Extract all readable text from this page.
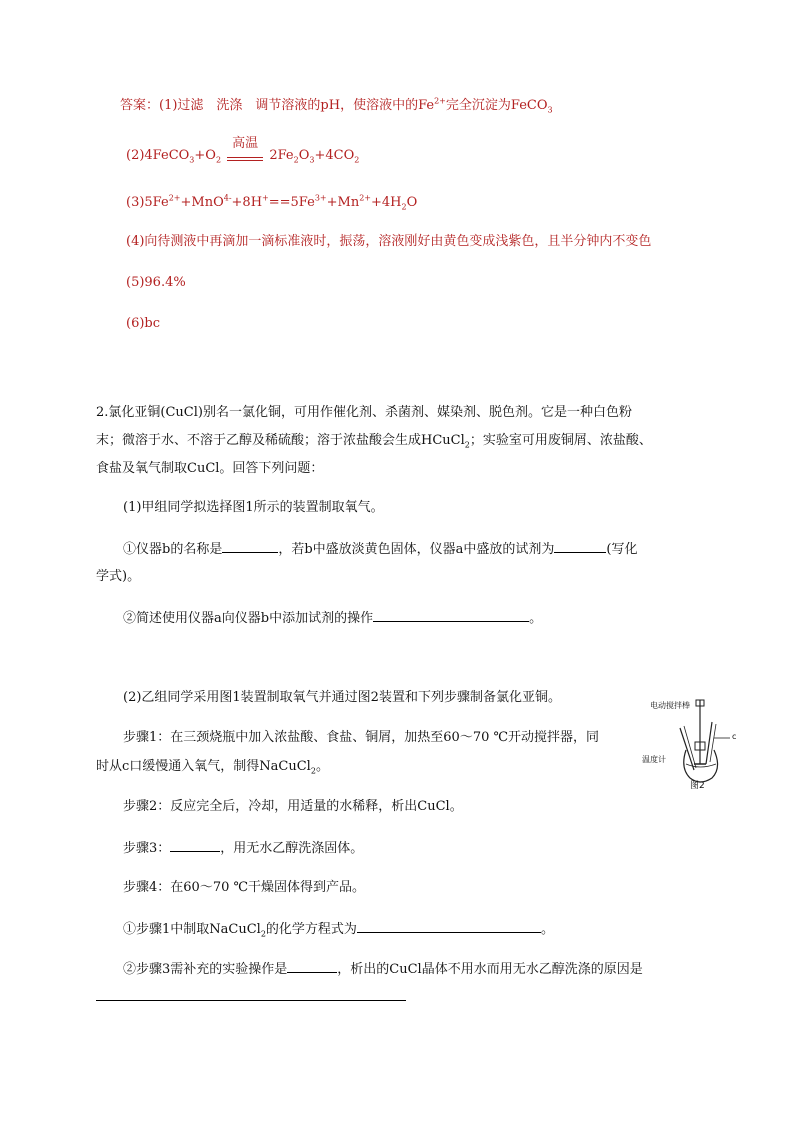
答案：(1)过滤　洗涤　调节溶液的pH，使溶液中的$Fe^{2+}$完全沉淀为FeCO$_3$
$(2)4FeCO_3+O_2$
高温
$2Fe_2O_3+4CO_2$
$(3)5Fe^{2+}+MnO^{4-}+8H^+==5Fe^{3+}+Mn^{2+}+4H_2O$
(4)向待测液中再滴加一滴标准液时，振荡，溶液刚好由黄色变成浅紫色，且半分钟内不变色
(5)96.4%
(6)bc
2.氯化亚铜(CuCl)别名一氯化铜，可用作催化剂、杀菌剂、媒染剂、脱色剂。它是一种白色粉
末；微溶于水、不溶于乙醇及稀硫酸；溶于浓盐酸会生成HCuCl$_2$；实验室可用废铜屑、浓盐酸、
食盐及氧气制取CuCl。回答下列问题：
(1)甲组同学拟选择图1所示的装置制取氧气。
①仪器b的名称是	，若b中盛放淡黄色固体，仪器a中盛放的试剂为	(写化
学式)。
②简述使用仪器a向仪器b中添加试剂的操作	。
(2)乙组同学采用图1装置制取氧气并通过图2装置和下列步骤制备氯化亚铜。
步骤1：在三颈烧瓶中加入浓盐酸、食盐、铜屑，加热至60～70 ℃开动搅拌器，同
时从c口缓慢通入氧气，制得NaCuCl$_2$。
步骤2：反应完全后，冷却，用适量的水稀释，析出CuCl。
步骤3：	，用无水乙醇洗涤固体。
步骤4：在60～70 ℃干燥固体得到产品。
①步骤1中制取NaCuCl$_2$的化学方程式为	。
②步骤3需补充的实验操作是	，析出的CuCl晶体不用水而用无水乙醇洗涤的原因是
电动搅拌棒
c
温度计
图2
